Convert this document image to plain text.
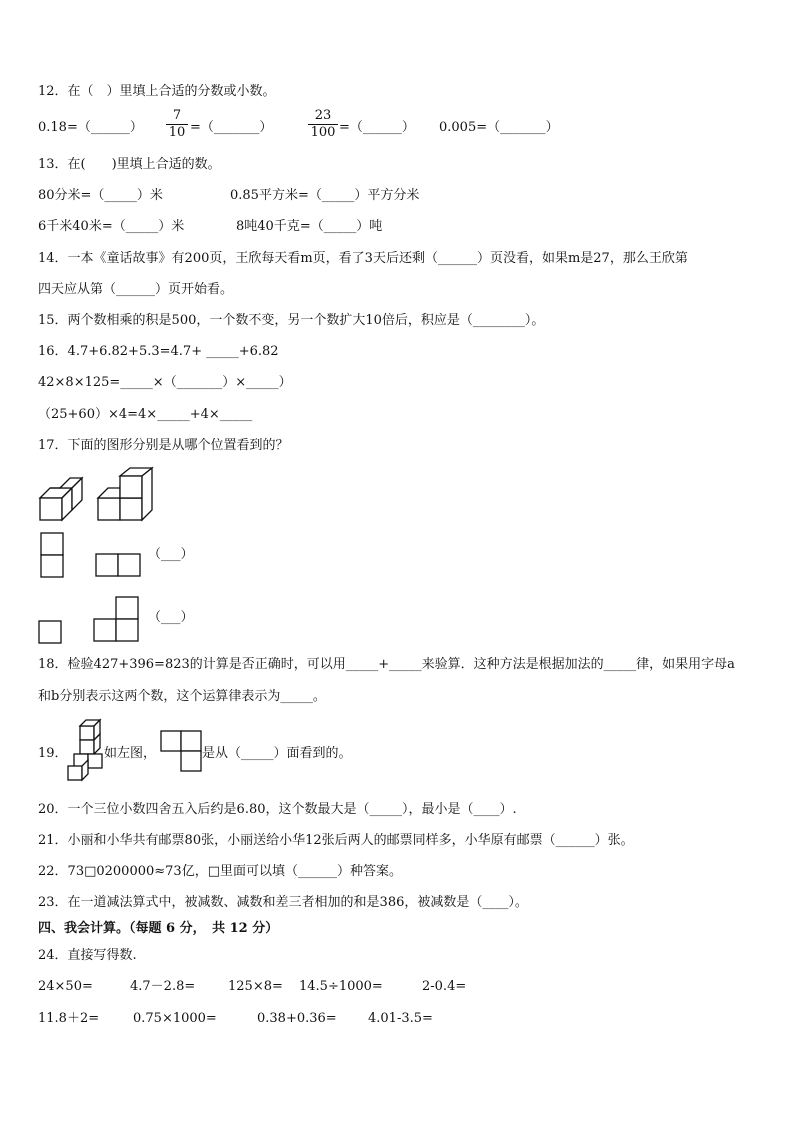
12．在（　）里填上合适的分数或小数。
0.18=（______）
7
10 =（_______）
23
100 =（______） 0.005=（_______）
13．在(　　)里填上合适的数。
80分米=（_____）米	0.85平方米=（_____）平方分米
6千米40米=（_____）米	8吨40千克=（_____）吨
14．一本《童话故事》有200页，王欣每天看m页，看了3天后还剩（______）页没看，如果m是27，那么王欣第
四天应从第（______）页开始看。
15．两个数相乘的积是500，一个数不变，另一个数扩大10倍后，积应是（________）。
16．4.7+6.82+5.3=4.7+ _____+6.82
42×8×125=_____×（_______）×_____）
（25+60）×4=4×_____+4×_____
17．下面的图形分别是从哪个位置看到的？
（___）
（___）
18．检验427+396=823的计算是否正确时，可以用_____+_____来验算．这种方法是根据加法的_____律，如果用字母a
和b分别表示这两个数，这个运算律表示为_____。
19．	如左图，	是从（_____）面看到的。
20．一个三位小数四舍五入后约是6.80，这个数最大是（_____），最小是（____）.
21．小丽和小华共有邮票80张，小丽送给小华12张后两人的邮票同样多，小华原有邮票（______）张。
22．73□0200000≈73亿，□里面可以填（______）种答案。
23．在一道减法算式中，被减数、减数和差三者相加的和是386，被减数是（____）。
四、我会计算。（每题 6 分，　共 12 分）
24．直接写得数.
24×50=	4.7－2.8=	125×8= 14.5÷1000=	2-0.4=
11.8＋2=	0.75×1000=	0.38+0.36= 4.01-3.5=
